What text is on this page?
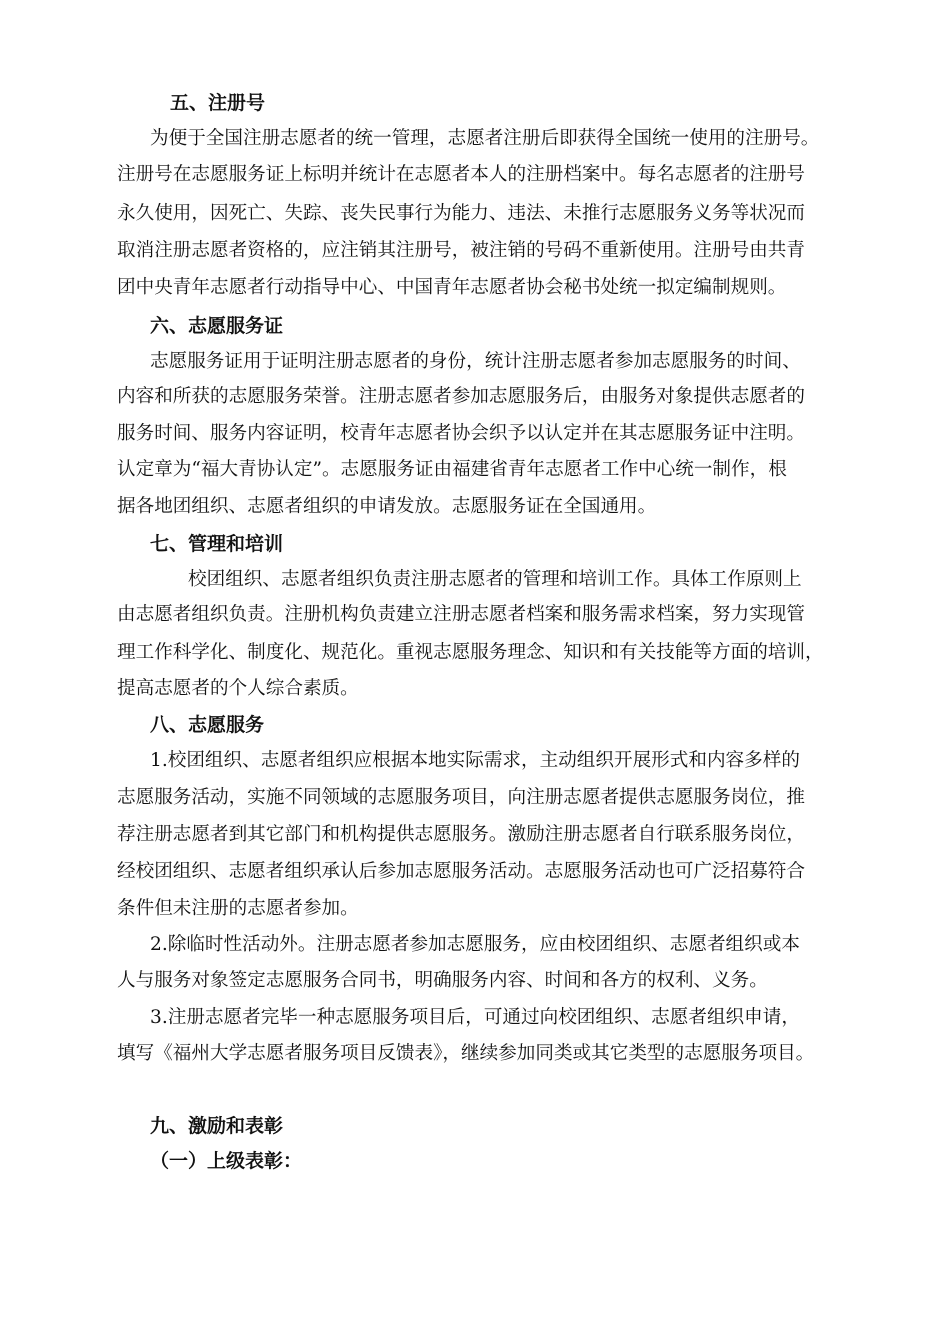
五、注册号

为便于全国注册志愿者的统一管理，志愿者注册后即获得全国统一使用的注册号。

注册号在志愿服务证上标明并统计在志愿者本人的注册档案中。每名志愿者的注册号

永久使用，因死亡、失踪、丧失民事行为能力、违法、未推行志愿服务义务等状况而

取消注册志愿者资格的，应注销其注册号，被注销的号码不重新使用。注册号由共青

团中央青年志愿者行动指导中心、中国青年志愿者协会秘书处统一拟定编制规则。

六、志愿服务证

志愿服务证用于证明注册志愿者的身份，统计注册志愿者参加志愿服务的时间、

内容和所获的志愿服务荣誉。注册志愿者参加志愿服务后，由服务对象提供志愿者的

服务时间、服务内容证明，校青年志愿者协会织予以认定并在其志愿服务证中注明。

认定章为“福大青协认定”。志愿服务证由福建省青年志愿者工作中心统一制作，根

据各地团组织、志愿者组织的申请发放。志愿服务证在全国通用。

七、管理和培训

校团组织、志愿者组织负责注册志愿者的管理和培训工作。具体工作原则上

由志愿者组织负责。注册机构负责建立注册志愿者档案和服务需求档案，努力实现管

理工作科学化、制度化、规范化。重视志愿服务理念、知识和有关技能等方面的培训，

提高志愿者的个人综合素质。

八、志愿服务

1.校团组织、志愿者组织应根据本地实际需求，主动组织开展形式和内容多样的

志愿服务活动，实施不同领域的志愿服务项目，向注册志愿者提供志愿服务岗位，推

荐注册志愿者到其它部门和机构提供志愿服务。激励注册志愿者自行联系服务岗位，

经校团组织、志愿者组织承认后参加志愿服务活动。志愿服务活动也可广泛招募符合

条件但未注册的志愿者参加。

2.除临时性活动外。注册志愿者参加志愿服务，应由校团组织、志愿者组织或本

人与服务对象签定志愿服务合同书，明确服务内容、时间和各方的权利、义务。

3.注册志愿者完毕一种志愿服务项目后，可通过向校团组织、志愿者组织申请，

填写《福州大学志愿者服务项目反馈表》，继续参加同类或其它类型的志愿服务项目。

九、激励和表彰
（一）上级表彰：
